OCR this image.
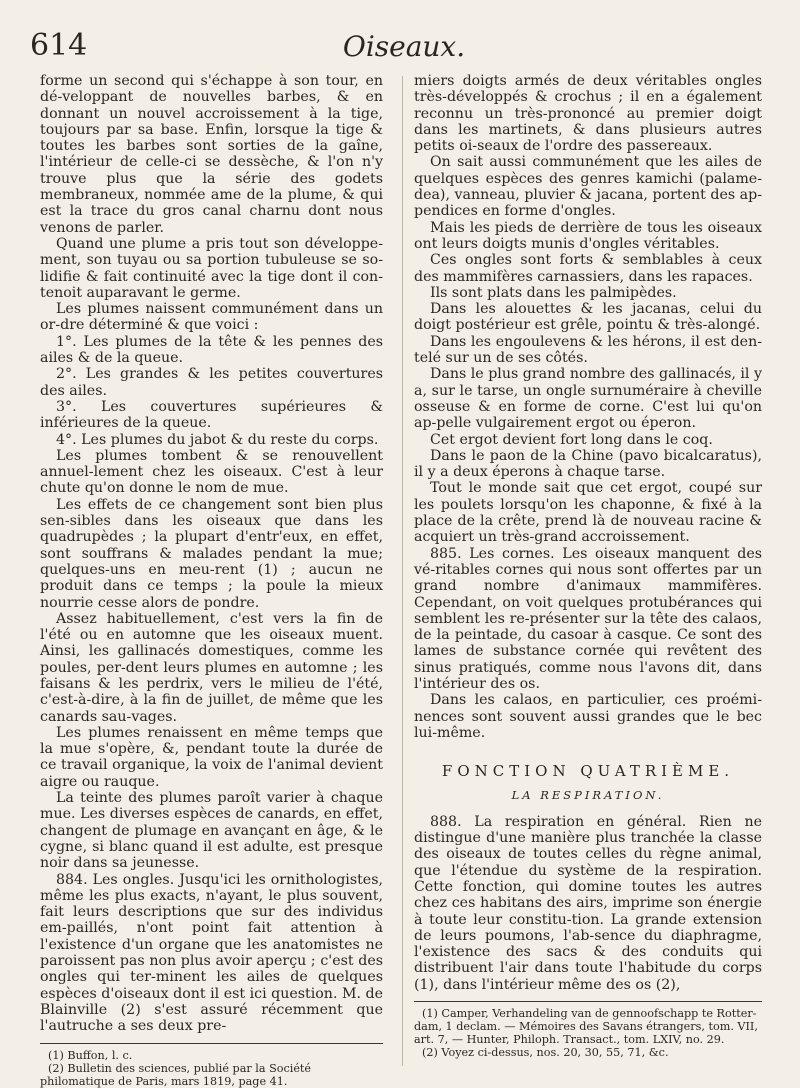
614	Oiseaux.

forme un second qui s'échappe à son tour, en dé-veloppant de nouvelles barbes, & en donnant un nouvel accroissement à la tige, toujours par sa base. Enfin, lorsque la tige & toutes les barbes sont sorties de la gaîne, l'intérieur de celle-ci se dessèche, & l'on n'y trouve plus que la série des godets membraneux, nommée ame de la plume, & qui est la trace du gros canal charnu dont nous venons de parler.

Quand une plume a pris tout son développe-ment, son tuyau ou sa portion tubuleuse se so-lidifie & fait continuité avec la tige dont il con-tenoit auparavant le germe.

Les plumes naissent communément dans un or-dre déterminé & que voici :

1°. Les plumes de la tête & les pennes des ailes & de la queue.

2°. Les grandes & les petites couvertures des ailes.

3°. Les couvertures supérieures & inférieures de la queue.

4°. Les plumes du jabot & du reste du corps.

Les plumes tombent & se renouvellent annuel-lement chez les oiseaux. C'est à leur chute qu'on donne le nom de mue.

Les effets de ce changement sont bien plus sen-sibles dans les oiseaux que dans les quadrupèdes ; la plupart d'entr'eux, en effet, sont souffrans & malades pendant la mue; quelques-uns en meu-rent (1) ; aucun ne produit dans ce temps ; la poule la mieux nourrie cesse alors de pondre.

Assez habituellement, c'est vers la fin de l'été ou en automne que les oiseaux muent. Ainsi, les gallinacés domestiques, comme les poules, per-dent leurs plumes en automne ; les faisans & les perdrix, vers le milieu de l'été, c'est-à-dire, à la fin de juillet, de même que les canards sau-vages.

Les plumes renaissent en même temps que la mue s'opère, &, pendant toute la durée de ce travail organique, la voix de l'animal devient aigre ou rauque.

La teinte des plumes paroît varier à chaque mue. Les diverses espèces de canards, en effet, changent de plumage en avançant en âge, & le cygne, si blanc quand il est adulte, est presque noir dans sa jeunesse.

884. Les ongles. Jusqu'ici les ornithologistes, même les plus exacts, n'ayant, le plus souvent, fait leurs descriptions que sur des individus em-paillés, n'ont point fait attention à l'existence d'un organe que les anatomistes ne paroissent pas non plus avoir aperçu ; c'est des ongles qui ter-minent les ailes de quelques espèces d'oiseaux dont il est ici question. M. de Blainville (2) s'est assuré récemment que l'autruche a ses deux pre-

(1) Buffon, l. c.

(2) Bulletin des sciences, publié par la Société philomatique de Paris, mars 1819, page 41.

miers doigts armés de deux véritables ongles très-développés & crochus ; il en a également reconnu un très-prononcé au premier doigt dans les martinets, & dans plusieurs autres petits oi-seaux de l'ordre des passereaux.

On sait aussi communément que les ailes de quelques espèces des genres kamichi (palame-dea), vanneau, pluvier & jacana, portent des ap-pendices en forme d'ongles.

Mais les pieds de derrière de tous les oiseaux ont leurs doigts munis d'ongles véritables.

Ces ongles sont forts & semblables à ceux des mammifères carnassiers, dans les rapaces.

Ils sont plats dans les palmipèdes.

Dans les alouettes & les jacanas, celui du doigt postérieur est grêle, pointu & très-alongé.

Dans les engoulevens & les hérons, il est den-telé sur un de ses côtés.

Dans le plus grand nombre des gallinacés, il y a, sur le tarse, un ongle surnuméraire à cheville osseuse & en forme de corne. C'est lui qu'on ap-pelle vulgairement ergot ou éperon.

Cet ergot devient fort long dans le coq.

Dans le paon de la Chine (pavo bicalcaratus), il y a deux éperons à chaque tarse.

Tout le monde sait que cet ergot, coupé sur les poulets lorsqu'on les chaponne, & fixé à la place de la crête, prend là de nouveau racine & acquiert un très-grand accroissement.

885. Les cornes. Les oiseaux manquent des vé-ritables cornes qui nous sont offertes par un grand nombre d'animaux mammifères. Cependant, on voit quelques protubérances qui semblent les re-présenter sur la tête des calaos, de la peintade, du casoar à casque. Ce sont des lames de substance cornée qui revêtent des sinus pratiqués, comme nous l'avons dit, dans l'intérieur des os.

Dans les calaos, en particulier, ces proémi-nences sont souvent aussi grandes que le bec lui-même.

FONCTION QUATRIÈME.
LA RESPIRATION.

888. La respiration en général. Rien ne distingue d'une manière plus tranchée la classe des oiseaux de toutes celles du règne animal, que l'étendue du système de la respiration. Cette fonction, qui domine toutes les autres chez ces habitans des airs, imprime son énergie à toute leur constitu-tion. La grande extension de leurs poumons, l'ab-sence du diaphragme, l'existence des sacs & des conduits qui distribuent l'air dans toute l'habitude du corps (1), dans l'intérieur même des os (2),

(1) Camper, Verhandeling van de gennoofschapp te Rotter-dam, 1 declam. — Mémoires des Savans étrangers, tom. VII, art. 7, — Hunter, Philoph. Transact., tom. LXIV, no. 29.

(2) Voyez ci-dessus, nos. 20, 30, 55, 71, &c.
